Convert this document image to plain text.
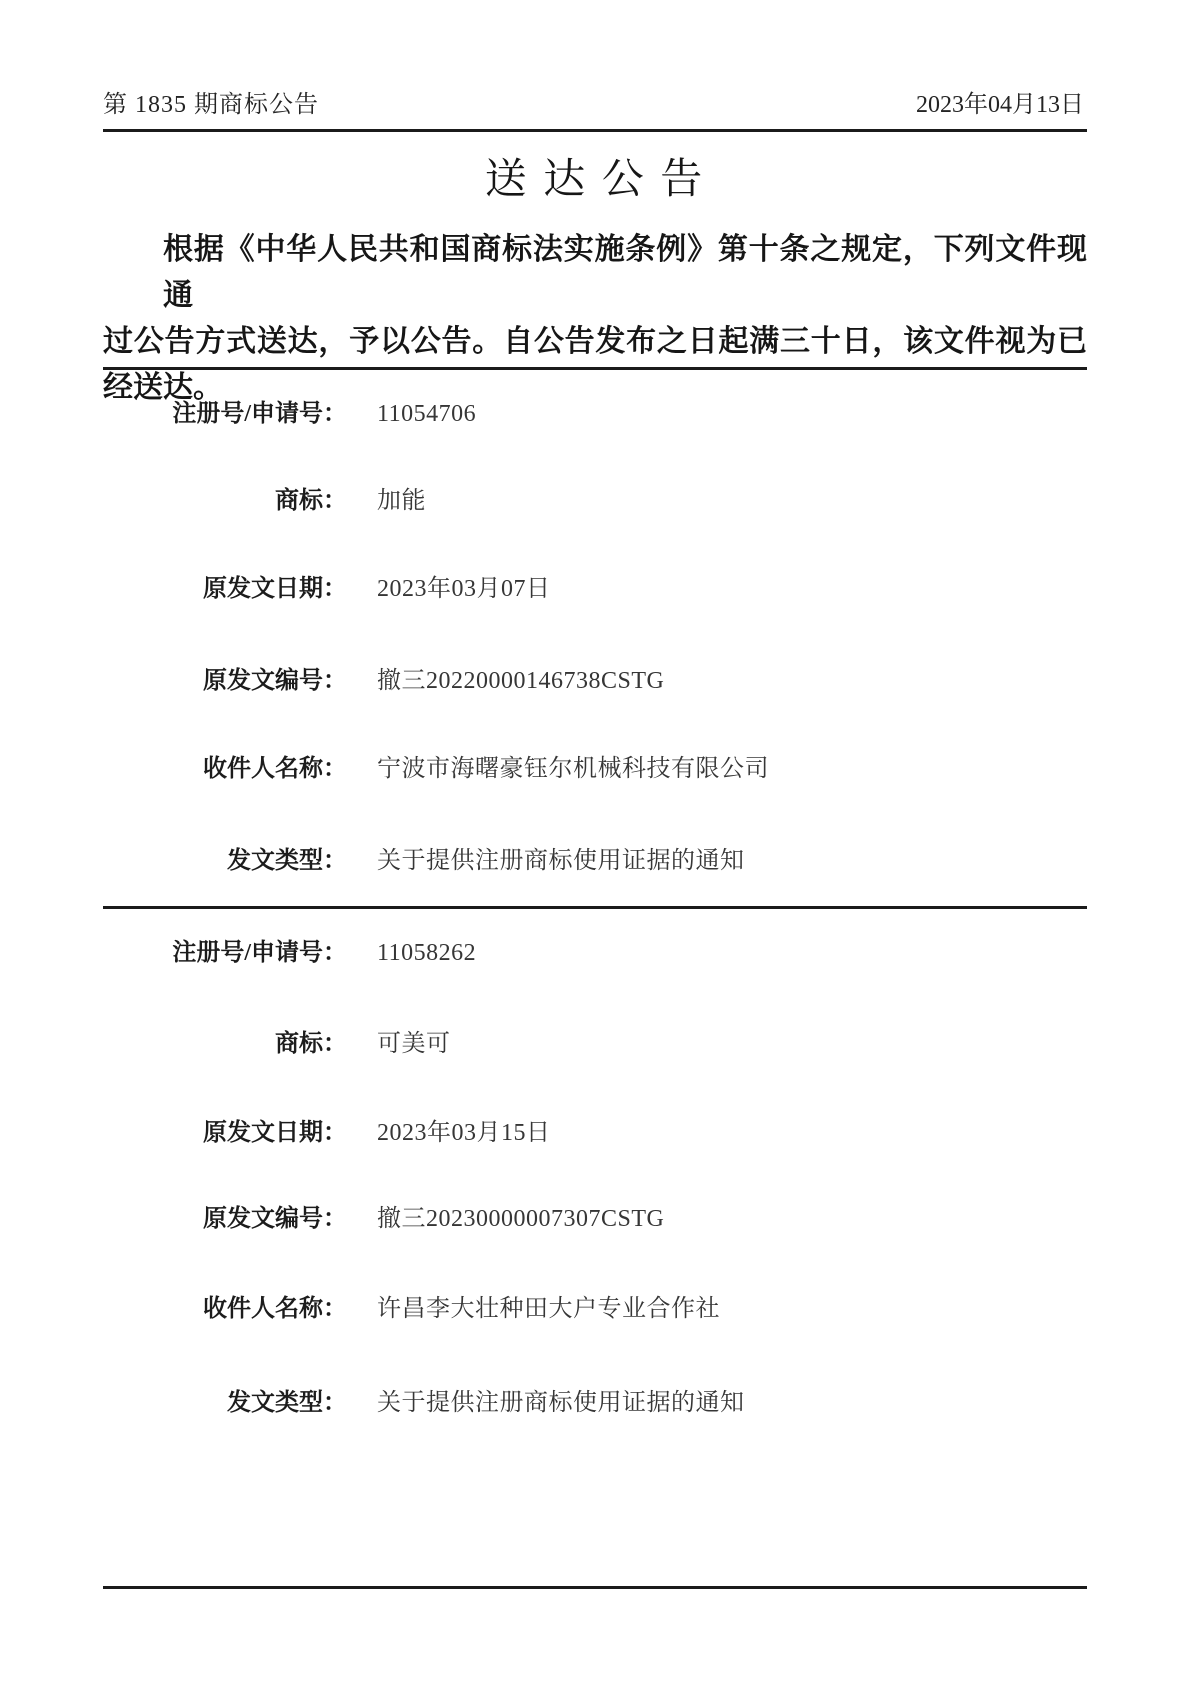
第 1835 期商标公告	2023年04月13日
送 达 公 告
根据《中华人民共和国商标法实施条例》第十条之规定，下列文件现通
过公告方式送达，予以公告。自公告发布之日起满三十日，该文件视为已
经送达。
注册号/申请号： 11054706
商标： 加能
原发文日期： 2023年03月07日
原发文编号： 撤三20220000146738CSTG
收件人名称： 宁波市海曙豪钰尔机械科技有限公司
发文类型： 关于提供注册商标使用证据的通知
注册号/申请号： 11058262
商标： 可美可
原发文日期： 2023年03月15日
原发文编号： 撤三20230000007307CSTG
收件人名称： 许昌李大壮种田大户专业合作社
发文类型： 关于提供注册商标使用证据的通知
